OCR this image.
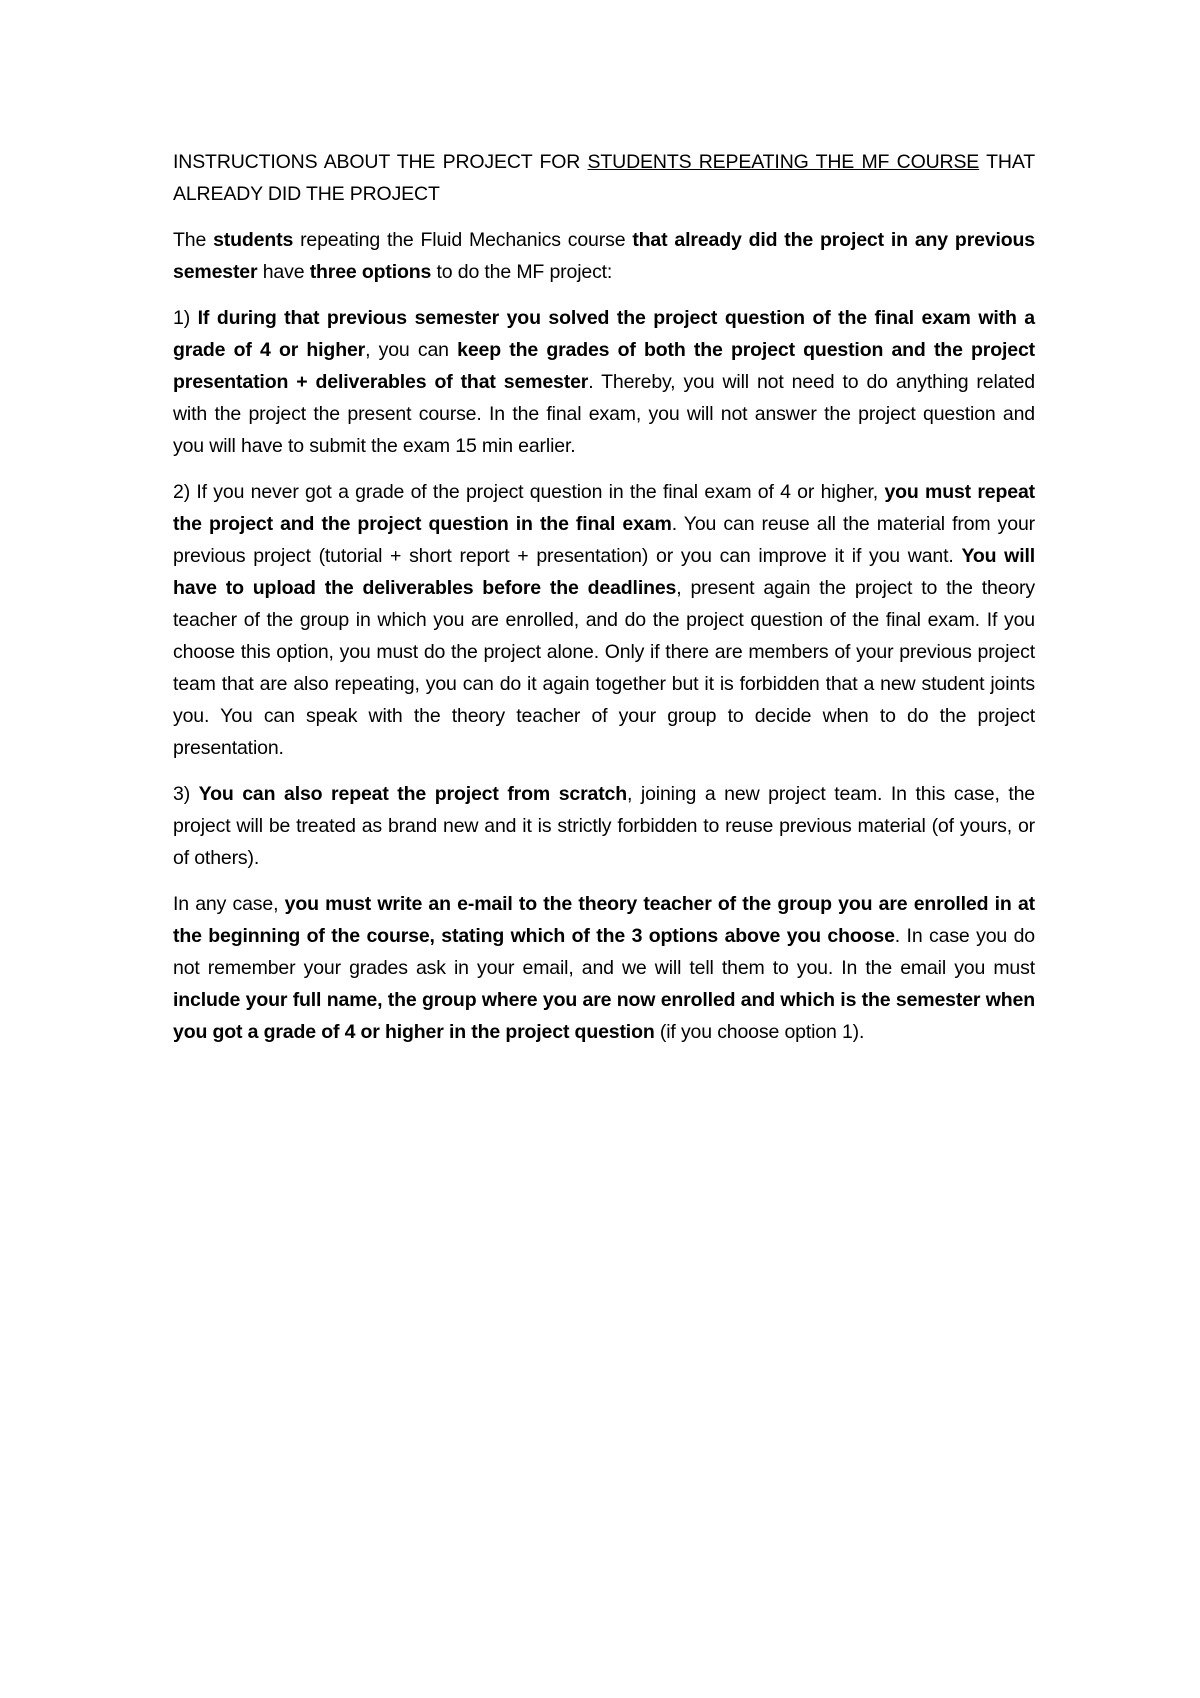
INSTRUCTIONS ABOUT THE PROJECT FOR STUDENTS REPEATING THE MF COURSE THAT ALREADY DID THE PROJECT

The students repeating the Fluid Mechanics course that already did the project in any previous semester have three options to do the MF project:

1) If during that previous semester you solved the project question of the final exam with a grade of 4 or higher, you can keep the grades of both the project question and the project presentation + deliverables of that semester. Thereby, you will not need to do anything related with the project the present course. In the final exam, you will not answer the project question and you will have to submit the exam 15 min earlier.

2) If you never got a grade of the project question in the final exam of 4 or higher, you must repeat the project and the project question in the final exam. You can reuse all the material from your previous project (tutorial + short report + presentation) or you can improve it if you want. You will have to upload the deliverables before the deadlines, present again the project to the theory teacher of the group in which you are enrolled, and do the project question of the final exam. If you choose this option, you must do the project alone. Only if there are members of your previous project team that are also repeating, you can do it again together but it is forbidden that a new student joints you. You can speak with the theory teacher of your group to decide when to do the project presentation.

3) You can also repeat the project from scratch, joining a new project team. In this case, the project will be treated as brand new and it is strictly forbidden to reuse previous material (of yours, or of others).

In any case, you must write an e-mail to the theory teacher of the group you are enrolled in at the beginning of the course, stating which of the 3 options above you choose. In case you do not remember your grades ask in your email, and we will tell them to you. In the email you must include your full name, the group where you are now enrolled and which is the semester when you got a grade of 4 or higher in the project question (if you choose option 1).
